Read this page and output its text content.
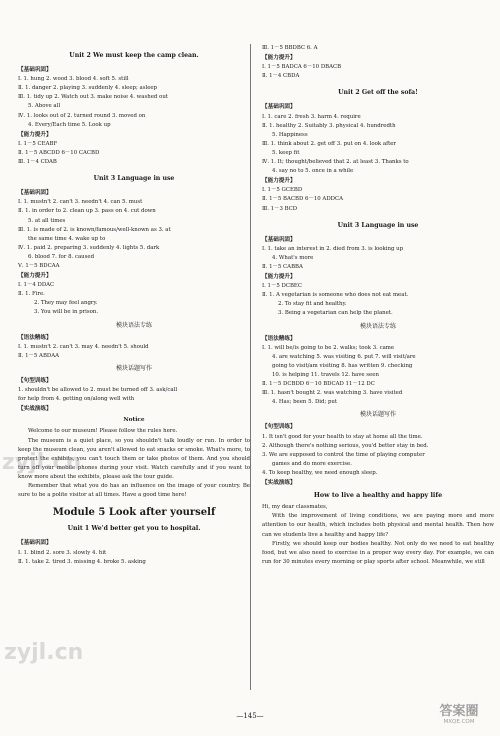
Unit 2 We must keep the camp clean.
【 基础巩固 】
Ⅰ. 1. hung 2. wood 3. blood 4. soft 5. still
Ⅱ. 1. danger 2. playing 3. suddenly 4. sleep; asleep
Ⅲ. 1. tidy up 2. Watch out 3. make noise 4. washed out
5. Above all
Ⅳ. 1. looks out of 2. turned round 3. moved on
4. Every/Each time 5. Look up
【 能力提升 】
Ⅰ. 1－5 CEABF
Ⅱ. 1－5 ABCDD 6－10 CACBD
Ⅲ. 1－4 CDAB
Unit 3 Language in use
【 基础巩固 】
Ⅰ. 1. mustn't 2. can't 3. needn't 4. can 5. must
Ⅱ. 1. in order to 2. clean up 3. pass on 4. cut down
5. at all times
Ⅲ. 1. is made of 2. is known/famous/well-known as 3. at
the same time 4. wake up to
Ⅳ. 1. paid 2. preparing 3. suddenly 4. lights 5. dark
6. blood 7. for 8. caused
Ⅴ. 1－5 BDCAA
【 能力提升 】
Ⅰ. 1－4 DDAC
Ⅱ. 1. Fire.
2. They may feel angry.
3. You will be in prison.
模块语法专练
【 语法精练 】
Ⅰ. 1. mustn't 2. can't 3. may 4. needn't 5. should
Ⅱ. 1－5 ABDAA
模块话题写作
【 句型训练 】
1. shouldn't be allowed to 2. must be turned off 3. ask/call
for help from 4. getting on/along well with
【 实战演练 】
Notice
Welcome to our museum! Please follow the rules here.
The museum is a quiet place, so you shouldn't talk loudly or run. In order to keep the museum clean, you aren't allowed to eat snacks or smoke. What's more, to protect the exhibits, you can't touch them or take photos of them. And you should turn off your mobile phones during your visit. Watch carefully and if you want to know more about the exhibits, please ask the tour guide.
Remember that what you do has an influence on the image of your country. Be sure to be a polite visitor at all times. Have a good time here!
Module 5 Look after yourself
Unit 1 We'd better get you to hospital.
【 基础巩固 】
Ⅰ. 1. blind 2. sore 3. slowly 4. hit
Ⅱ. 1. take 2. tired 3. missing 4. broke 5. asking
Ⅲ. 1－5 BBDBC 6. A
【 能力提升 】
Ⅰ. 1－5 BADCA 6－10 DBACB
Ⅱ. 1－4 CBDA
Unit 2 Get off the sofa!
【 基础巩固 】
Ⅰ. 1. care 2. fresh 3. harm 4. require
Ⅱ. 1. healthy 2. Suitably 3. physical 4. hundredth
5. Happiness
Ⅲ. 1. think about 2. get off 3. put on 4. look after
5. keep fit
Ⅳ. 1. It; thought/believed that 2. at least 3. Thanks to
4. say no to 5. once in a while
【 能力提升 】
Ⅰ. 1－5 GCEBD
Ⅱ. 1－5 BACBD 6－10 ADDCA
Ⅲ. 1－3 BCD
Unit 3 Language in use
【 基础巩固 】
Ⅰ. 1. take an interest in 2. died from 3. is looking up
4. What's more
Ⅱ. 1－5 CABBA
【 能力提升 】
Ⅰ. 1－5 DCBEC
Ⅱ. 1. A vegetarian is someone who does not eat meat.
2. To stay fit and healthy.
3. Being a vegetarian can help the planet.
模块语法专练
【 语法精练 】
Ⅰ. 1. will be/is going to be 2. walks; took 3. came
4. are watching 5. was visiting 6. put 7. will visit/are
going to visit/am visiting 8. has written 9. checking
10. is helping 11. travels 12. have seen
Ⅱ. 1－5 DCBDD 6－10 BDCAD 11－12 DC
Ⅲ. 1. hasn't bought 2. was watching 3. have visited
4. Has; been 5. Did; put
模块话题写作
【 句型训练 】
1. It isn't good for your health to stay at home all the time.
2. Although there's nothing serious, you'd better stay in bed.
3. We are supposed to control the time of playing computer
games and do more exercise.
4. To keep healthy, we need enough sleep.
【 实战演练 】
How to live a healthy and happy life
Hi, my dear classmates,
With the improvement of living conditions, we are paying more and more attention to our health, which includes both physical and mental health. Then how can we students live a healthy and happy life?
Firstly, we should keep our bodies healthy. Not only do we need to eat healthy food, but we also need to exercise in a proper way every day. For example, we can run for 30 minutes every morning or play sports after school. Meanwhile, we still
—145—
zyjl.cn
zyjl.cn
答案圈
MXQE.COM
